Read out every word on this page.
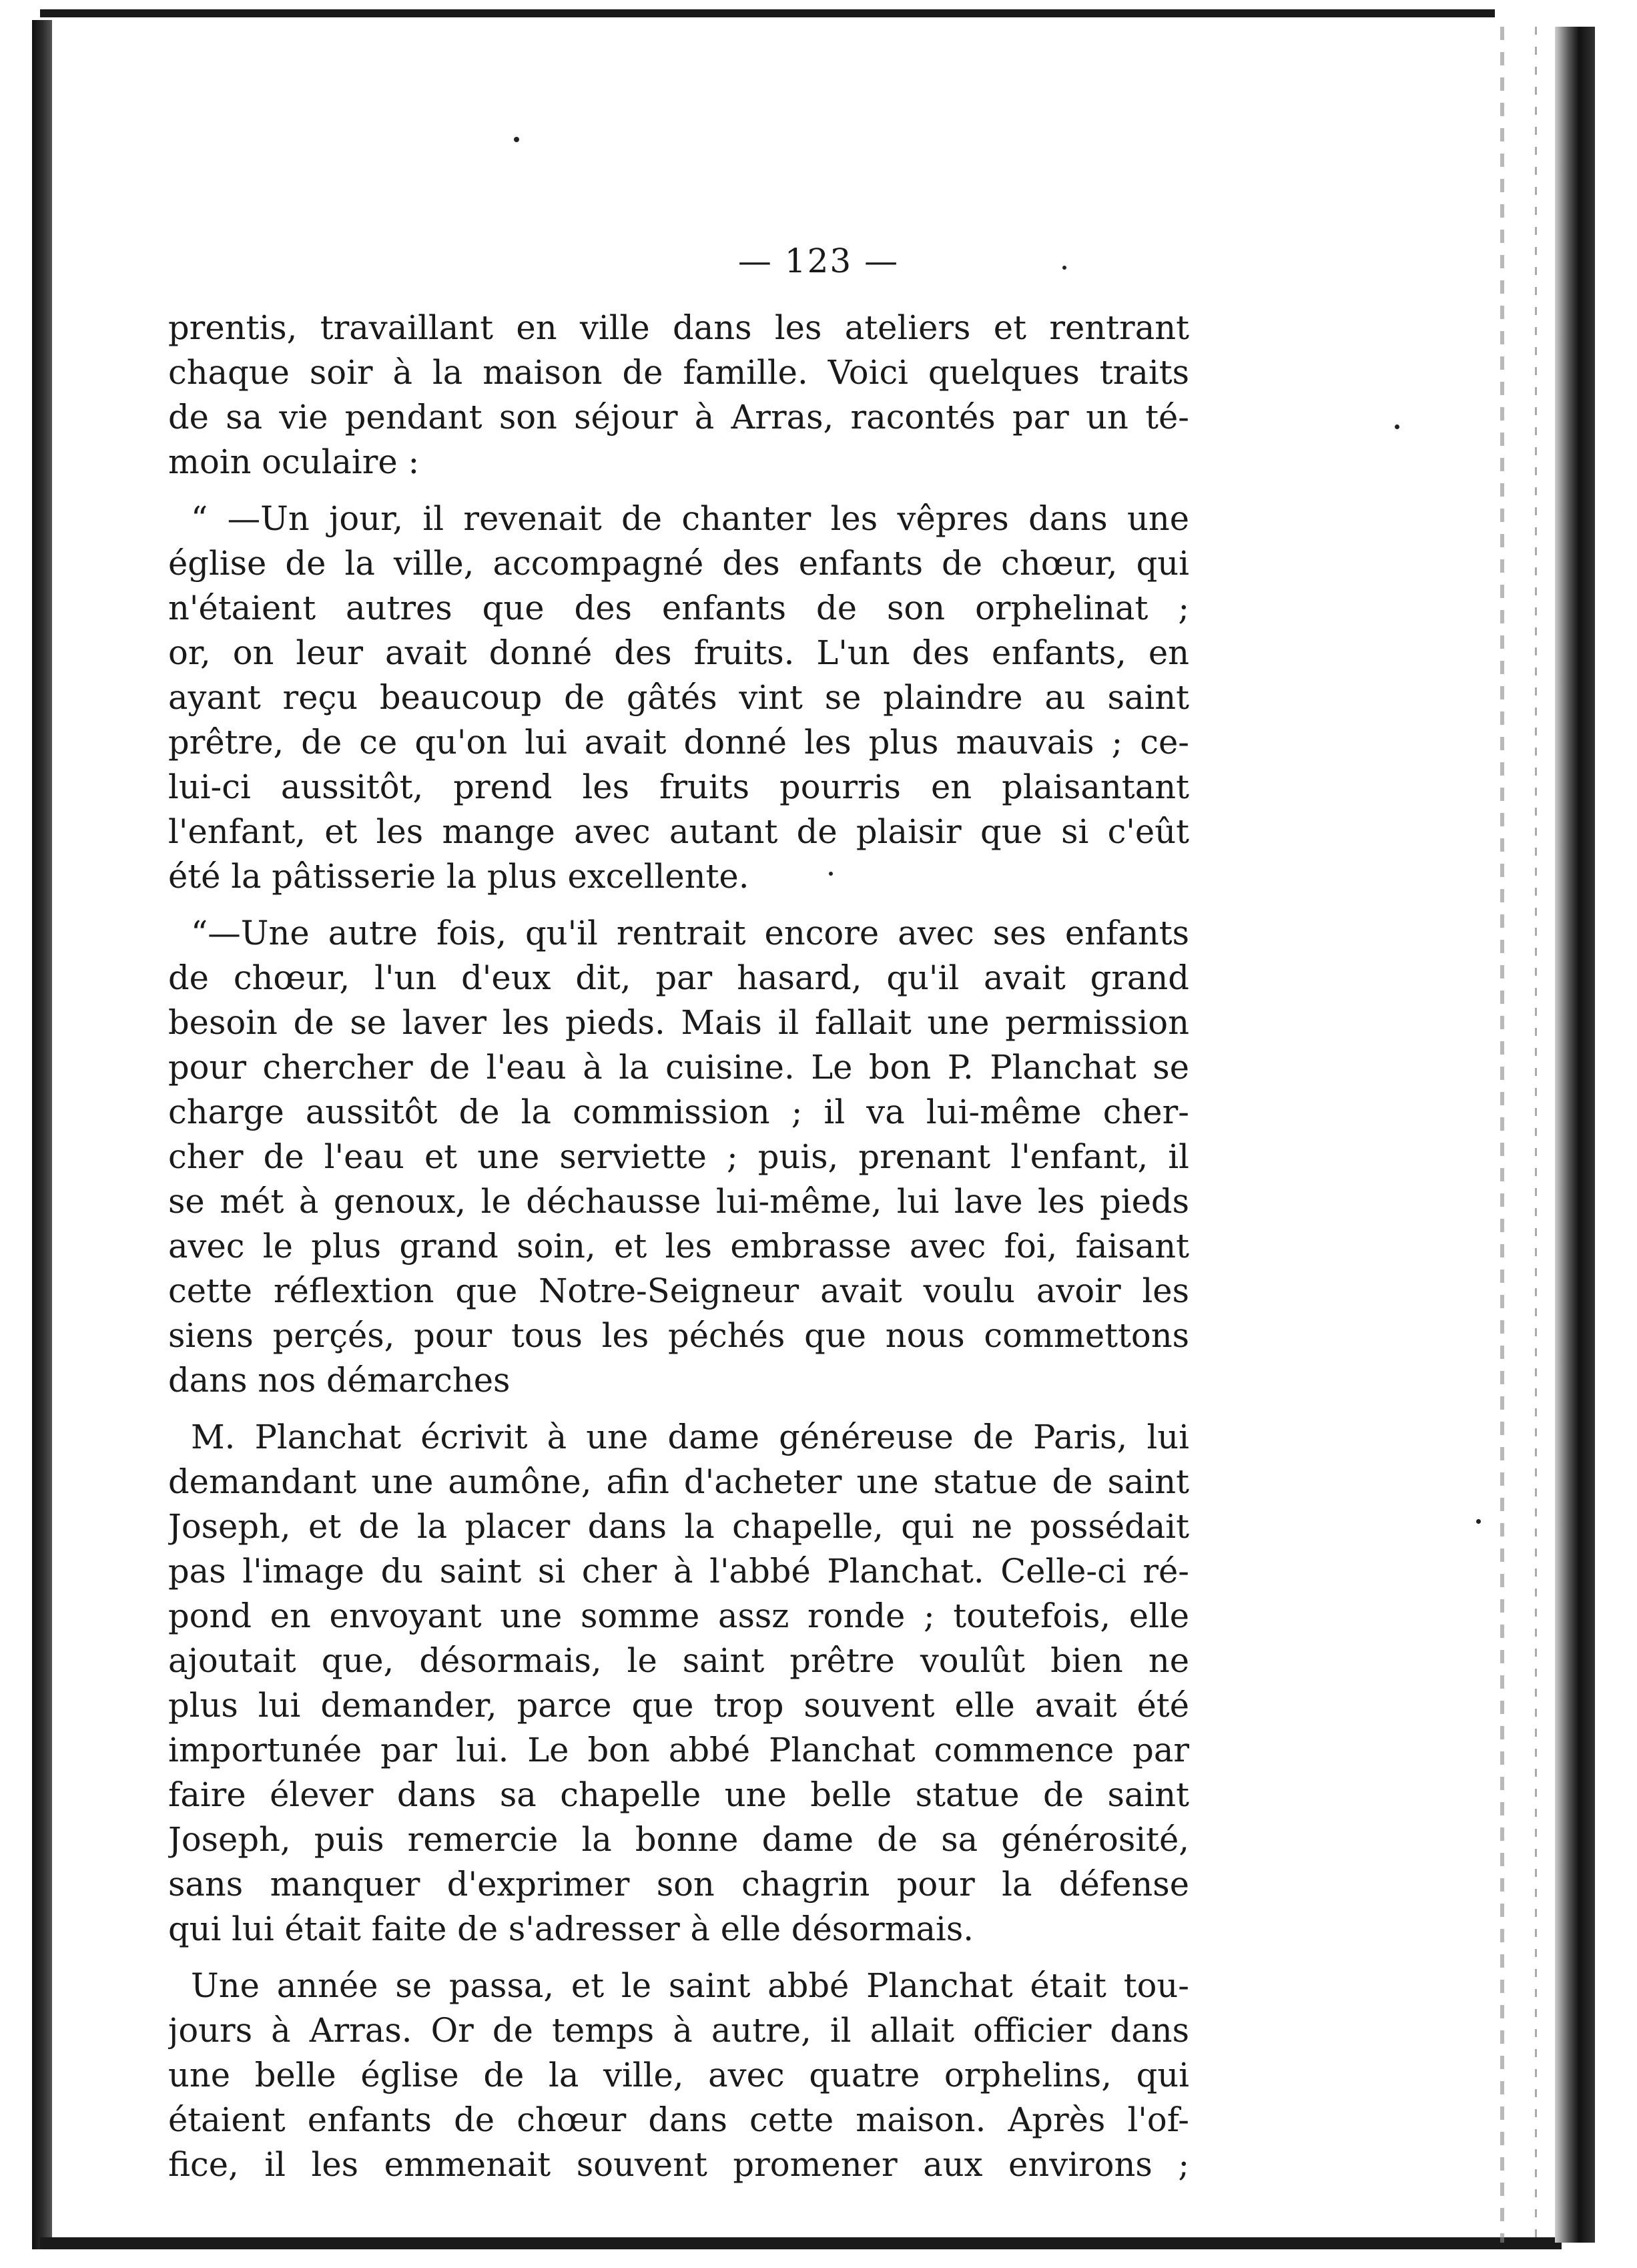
— 123 —
prentis, travaillant en ville dans les ateliers et rentrant
chaque soir à la maison de famille. Voici quelques traits
de sa vie pendant son séjour à Arras, racontés par un té-
moin oculaire :
“ —Un jour, il revenait de chanter les vêpres dans une
église de la ville, accompagné des enfants de chœur, qui
n'étaient autres que des enfants de son orphelinat ;
or, on leur avait donné des fruits. L'un des enfants, en
ayant reçu beaucoup de gâtés vint se plaindre au saint
prêtre, de ce qu'on lui avait donné les plus mauvais ; ce-
lui-ci aussitôt, prend les fruits pourris en plaisantant
l'enfant, et les mange avec autant de plaisir que si c'eût
été la pâtisserie la plus excellente.
“—Une autre fois, qu'il rentrait encore avec ses enfants
de chœur, l'un d'eux dit, par hasard, qu'il avait grand
besoin de se laver les pieds. Mais il fallait une permission
pour chercher de l'eau à la cuisine. Le bon P. Planchat se
charge aussitôt de la commission ; il va lui-même cher-
cher de l'eau et une serviette ; puis, prenant l'enfant, il
se mét à genoux, le déchausse lui-même, lui lave les pieds
avec le plus grand soin, et les embrasse avec foi, faisant
cette réflextion que Notre-Seigneur avait voulu avoir les
siens perçés, pour tous les péchés que nous commettons
dans nos démarches
M. Planchat écrivit à une dame généreuse de Paris, lui
demandant une aumône, afin d'acheter une statue de saint
Joseph, et de la placer dans la chapelle, qui ne possédait
pas l'image du saint si cher à l'abbé Planchat. Celle-ci ré-
pond en envoyant une somme assz ronde ; toutefois, elle
ajoutait que, désormais, le saint prêtre voulût bien ne
plus lui demander, parce que trop souvent elle avait été
importunée par lui. Le bon abbé Planchat commence par
faire élever dans sa chapelle une belle statue de saint
Joseph, puis remercie la bonne dame de sa générosité,
sans manquer d'exprimer son chagrin pour la défense
qui lui était faite de s'adresser à elle désormais.
Une année se passa, et le saint abbé Planchat était tou-
jours à Arras. Or de temps à autre, il allait officier dans
une belle église de la ville, avec quatre orphelins, qui
étaient enfants de chœur dans cette maison. Après l'of-
fice, il les emmenait souvent promener aux environs ;
